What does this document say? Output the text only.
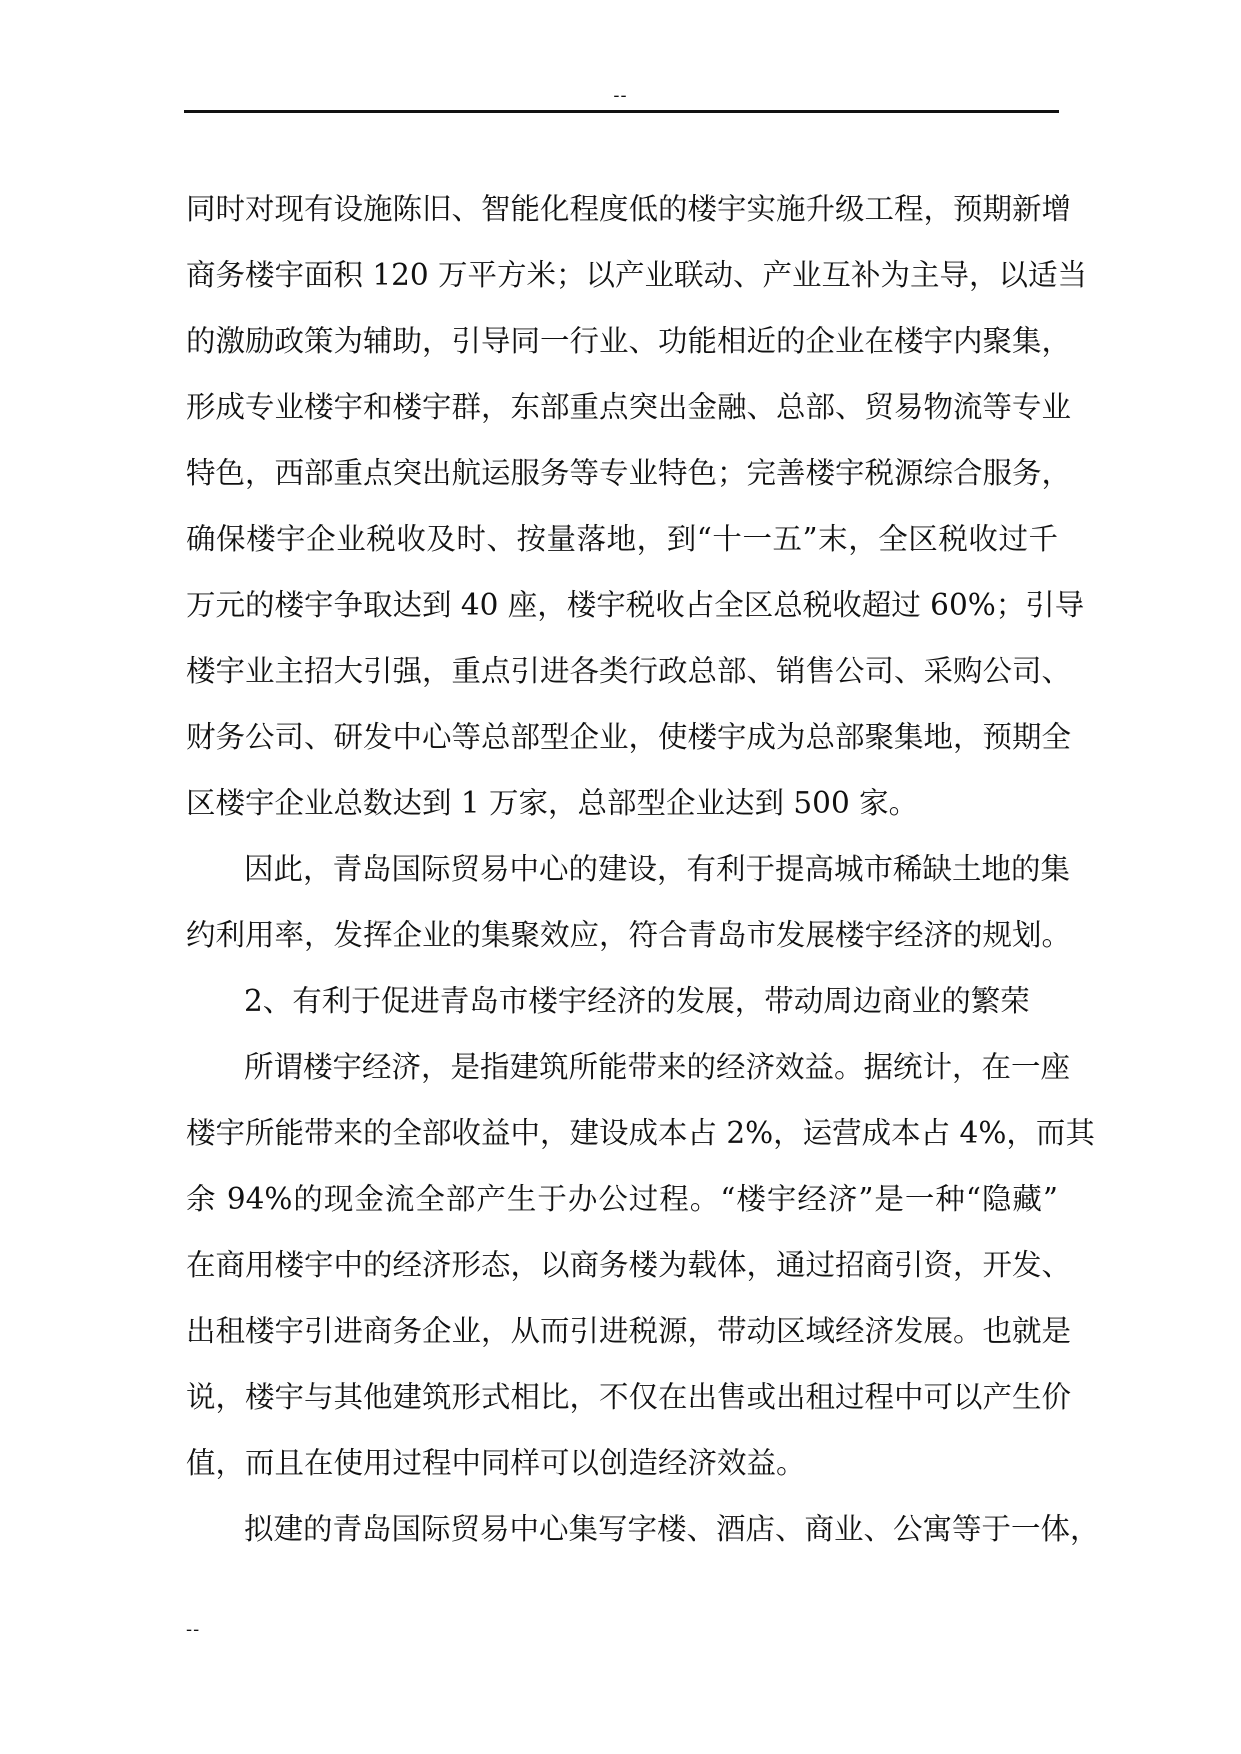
--
同时对现有设施陈旧、智能化程度低的楼宇实施升级工程，预期新增
商务楼宇面积 120 万平方米；以产业联动、产业互补为主导，以适当
的激励政策为辅助，引导同一行业、功能相近的企业在楼宇内聚集，
形成专业楼宇和楼宇群，东部重点突出金融、总部、贸易物流等专业
特色，西部重点突出航运服务等专业特色；完善楼宇税源综合服务，
确保楼宇企业税收及时、按量落地，到“十一五”末，全区税收过千
万元的楼宇争取达到 40 座，楼宇税收占全区总税收超过 60%；引导
楼宇业主招大引强，重点引进各类行政总部、销售公司、采购公司、
财务公司、研发中心等总部型企业，使楼宇成为总部聚集地，预期全
区楼宇企业总数达到 1 万家，总部型企业达到 500 家。
因此，青岛国际贸易中心的建设，有利于提高城市稀缺土地的集
约利用率，发挥企业的集聚效应，符合青岛市发展楼宇经济的规划。
2、有利于促进青岛市楼宇经济的发展，带动周边商业的繁荣
所谓楼宇经济，是指建筑所能带来的经济效益。据统计，在一座
楼宇所能带来的全部收益中，建设成本占 2%，运营成本占 4%，而其
余 94%的现金流全部产生于办公过程。“楼宇经济”是一种“隐藏”
在商用楼宇中的经济形态，以商务楼为载体，通过招商引资，开发、
出租楼宇引进商务企业，从而引进税源，带动区域经济发展。也就是
说，楼宇与其他建筑形式相比，不仅在出售或出租过程中可以产生价
值，而且在使用过程中同样可以创造经济效益。
拟建的青岛国际贸易中心集写字楼、酒店、商业、公寓等于一体，
--
